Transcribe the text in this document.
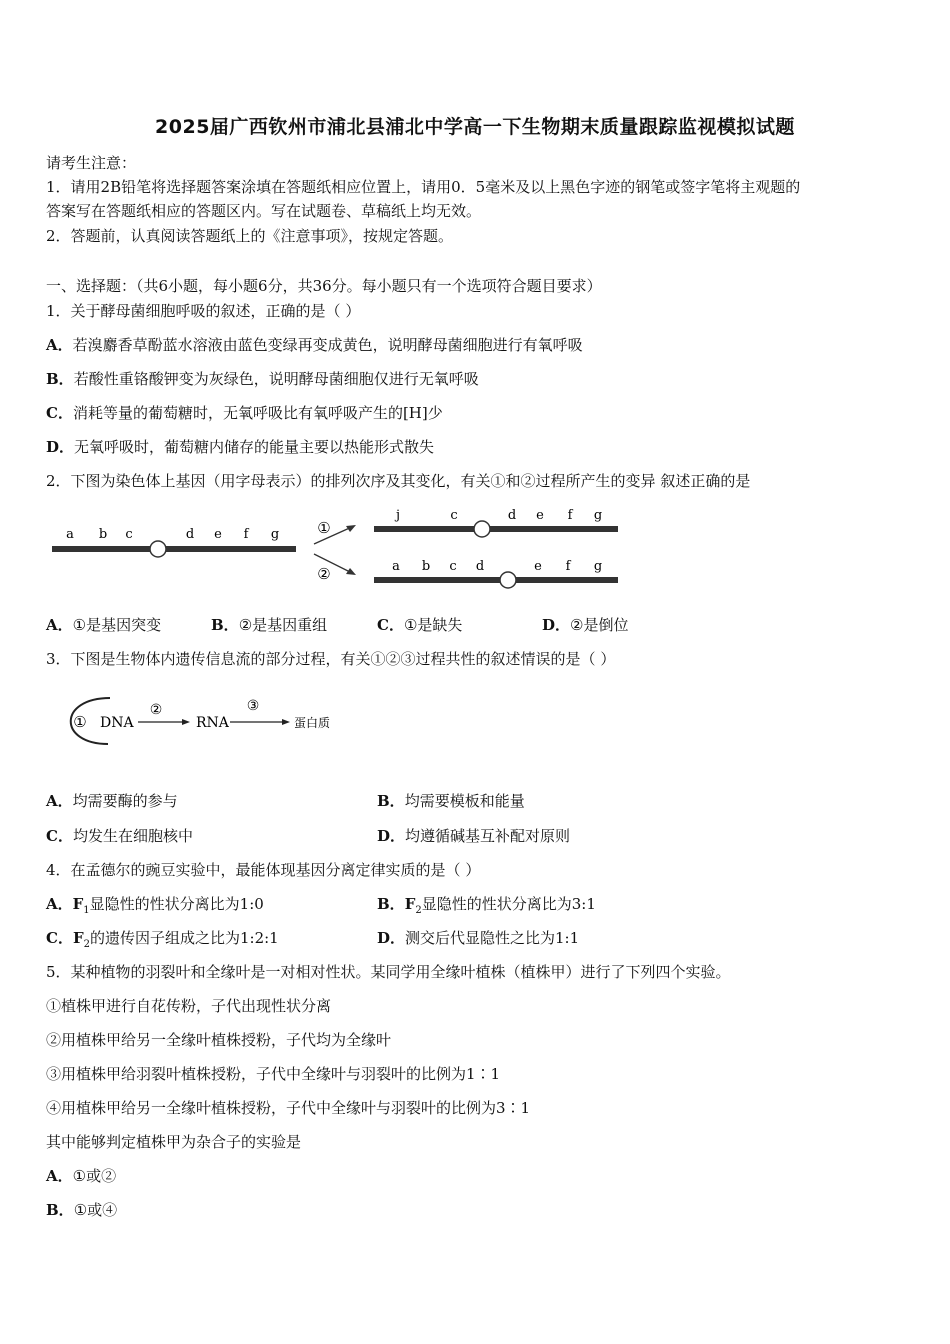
2025届广西钦州市浦北县浦北中学高一下生物期末质量跟踪监视模拟试题
请考生注意：
1．请用2B铅笔将选择题答案涂填在答题纸相应位置上，请用0．5毫米及以上黑色字迹的钢笔或签字笔将主观题的
答案写在答题纸相应的答题区内。写在试题卷、草稿纸上均无效。
2．答题前，认真阅读答题纸上的《注意事项》，按规定答题。
一、选择题：（共6小题，每小题6分，共36分。每小题只有一个选项符合题目要求）
1．关于酵母菌细胞呼吸的叙述，正确的是（ ）
A．若溴麝香草酚蓝水溶液由蓝色变绿再变成黄色，说明酵母菌细胞进行有氧呼吸
B．若酸性重铬酸钾变为灰绿色，说明酵母菌细胞仅进行无氧呼吸
C．消耗等量的葡萄糖时，无氧呼吸比有氧呼吸产生的[H]少
D．无氧呼吸时，葡萄糖内储存的能量主要以热能形式散失
2．下图为染色体上基因（用字母表示）的排列次序及其变化，有关①和②过程所产生的变异 叙述正确的是
a b c	d e f g	①
②
j	c	d e f g
a b c d	e f g
A．①是基因突变	B．②是基因重组	C．①是缺失	D．②是倒位
3．下图是生物体内遗传信息流的部分过程，有关①②③过程共性的叙述情误的是（ ）
① DNA
②
RNA
③
蛋白质
A．均需要酶的参与	B．均需要模板和能量
C．均发生在细胞核中	D．均遵循碱基互补配对原则
4．在孟德尔的豌豆实验中，最能体现基因分离定律实质的是（ ）
A．$F_1$显隐性的性状分离比为1:0	B．$F_2$显隐性的性状分离比为3:1
C．$F_2$的遗传因子组成之比为1:2:1	D．测交后代显隐性之比为1:1
5．某种植物的羽裂叶和全缘叶是一对相对性状。某同学用全缘叶植株（植株甲）进行了下列四个实验。
①植株甲进行自花传粉，子代出现性状分离
②用植株甲给另一全缘叶植株授粉，子代均为全缘叶
③用植株甲给羽裂叶植株授粉，子代中全缘叶与羽裂叶的比例为1∶1
④用植株甲给另一全缘叶植株授粉，子代中全缘叶与羽裂叶的比例为3∶1
其中能够判定植株甲为杂合子的实验是
A．①或②
B．①或④
